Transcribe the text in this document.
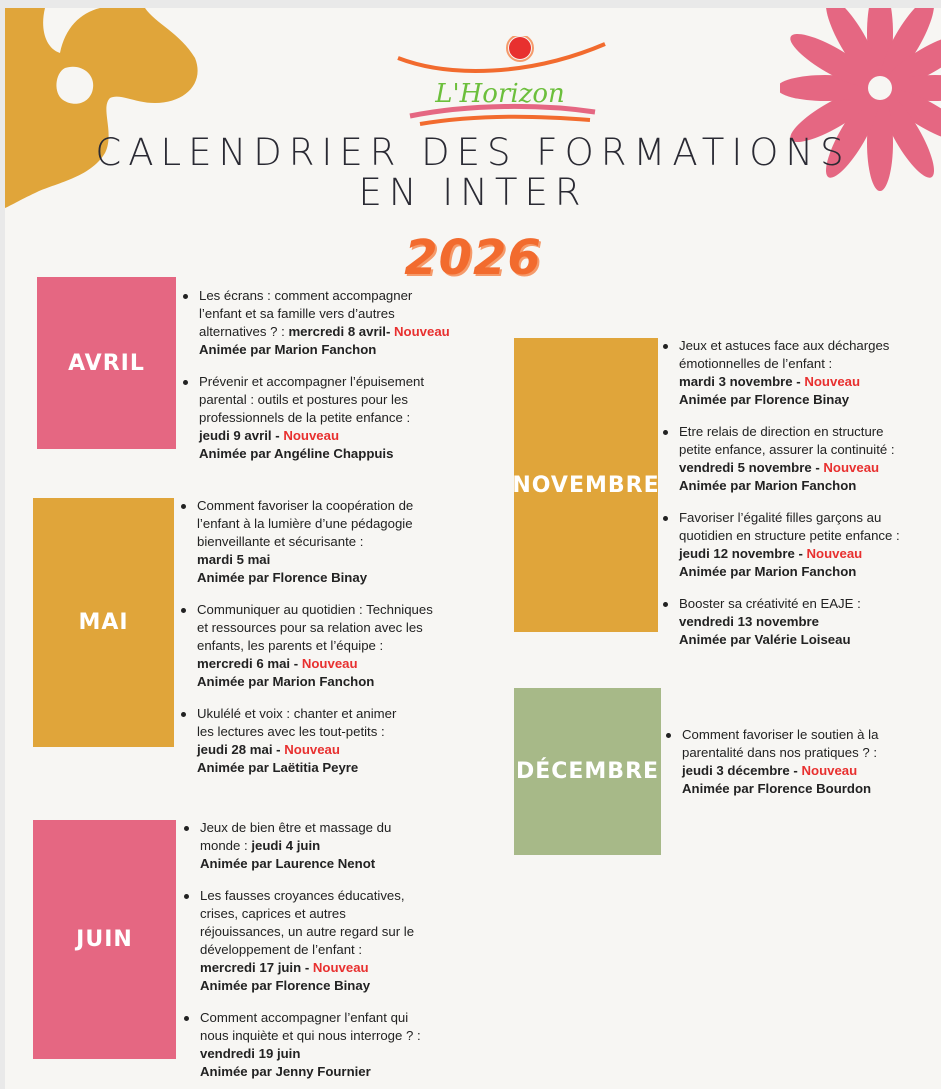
L'Horizon
CALENDRIER DES FORMATIONS
EN INTER
2026
AVRIL
Les écrans : comment accompagner
l’enfant et sa famille vers d’autres
alternatives ? : mercredi 8 avril- Nouveau
Animée par Marion Fanchon
Prévenir et accompagner l’épuisement
parental : outils et postures pour les
professionnels de la petite enfance :
jeudi 9 avril - Nouveau
Animée par Angéline Chappuis
MAI
Comment favoriser la coopération de
l’enfant à la lumière d’une pédagogie
bienveillante et sécurisante :
mardi 5 mai
Animée par Florence Binay
Communiquer au quotidien : Techniques
et ressources pour sa relation avec les
enfants, les parents et l’équipe :
mercredi 6 mai - Nouveau
Animée par Marion Fanchon
Ukulélé et voix : chanter et animer
les lectures avec les tout-petits :
jeudi 28 mai - Nouveau
Animée par Laëtitia Peyre
JUIN
Jeux de bien être et massage du
monde : jeudi 4 juin
Animée par Laurence Nenot
Les fausses croyances éducatives,
crises, caprices et autres
réjouissances, un autre regard sur le
développement de l’enfant :
mercredi 17 juin - Nouveau
Animée par Florence Binay
Comment accompagner l’enfant qui
nous inquiète et qui nous interroge ? :
vendredi 19 juin
Animée par Jenny Fournier
NOVEMBRE
Jeux et astuces face aux décharges
émotionnelles de l’enfant :
mardi 3 novembre - Nouveau
Animée par Florence Binay
Etre relais de direction en structure
petite enfance, assurer la continuité :
vendredi 5 novembre - Nouveau
Animée par Marion Fanchon
Favoriser l’égalité filles garçons au
quotidien en structure petite enfance :
jeudi 12 novembre - Nouveau
Animée par Marion Fanchon
Booster sa créativité en EAJE :
vendredi 13 novembre
Animée par Valérie Loiseau
DÉCEMBRE
Comment favoriser le soutien à la
parentalité dans nos pratiques ? :
jeudi 3 décembre - Nouveau
Animée par Florence Bourdon
